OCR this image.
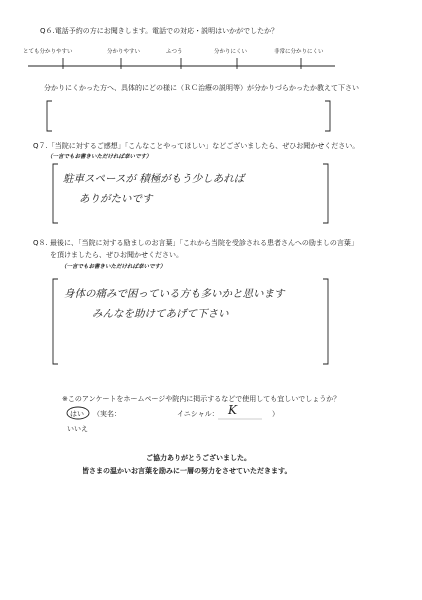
Q６.電話予約の方にお聞きします。電話での対応・説明はいかがでしたか？
とても分かりやすい	分かりやすい	ふつう	分かりにくい	非常に分かりにくい
分かりにくかった方へ、具体的にどの様に（ＲＣ治療の説明等）が分かりづらかったか教えて下さい
Q７.「当院に対するご感想」「こんなことやってほしい」などございましたら、ぜひお聞かせください。
（一言でもお書きいただければ幸いです）
駐車スペースが 積極がもう少しあれば
ありがたいです
Q８. 最後に、「当院に対する励ましのお言葉」「これから当院を受診される患者さんへの励ましの言葉」
を頂けましたら、ぜひお聞かせください。
（一言でもお書きいただければ幸いです）
身体の痛みで困っている方も多いかと思います
みんなを助けてあげて下さい
※このアンケートをホームページや院内に掲示するなどで使用しても宜しいでしょうか？
はい （実名：	イニシャル： K	）
いいえ
ご協力ありがとうございました。
皆さまの温かいお言葉を励みに一層の努力をさせていただきます。
